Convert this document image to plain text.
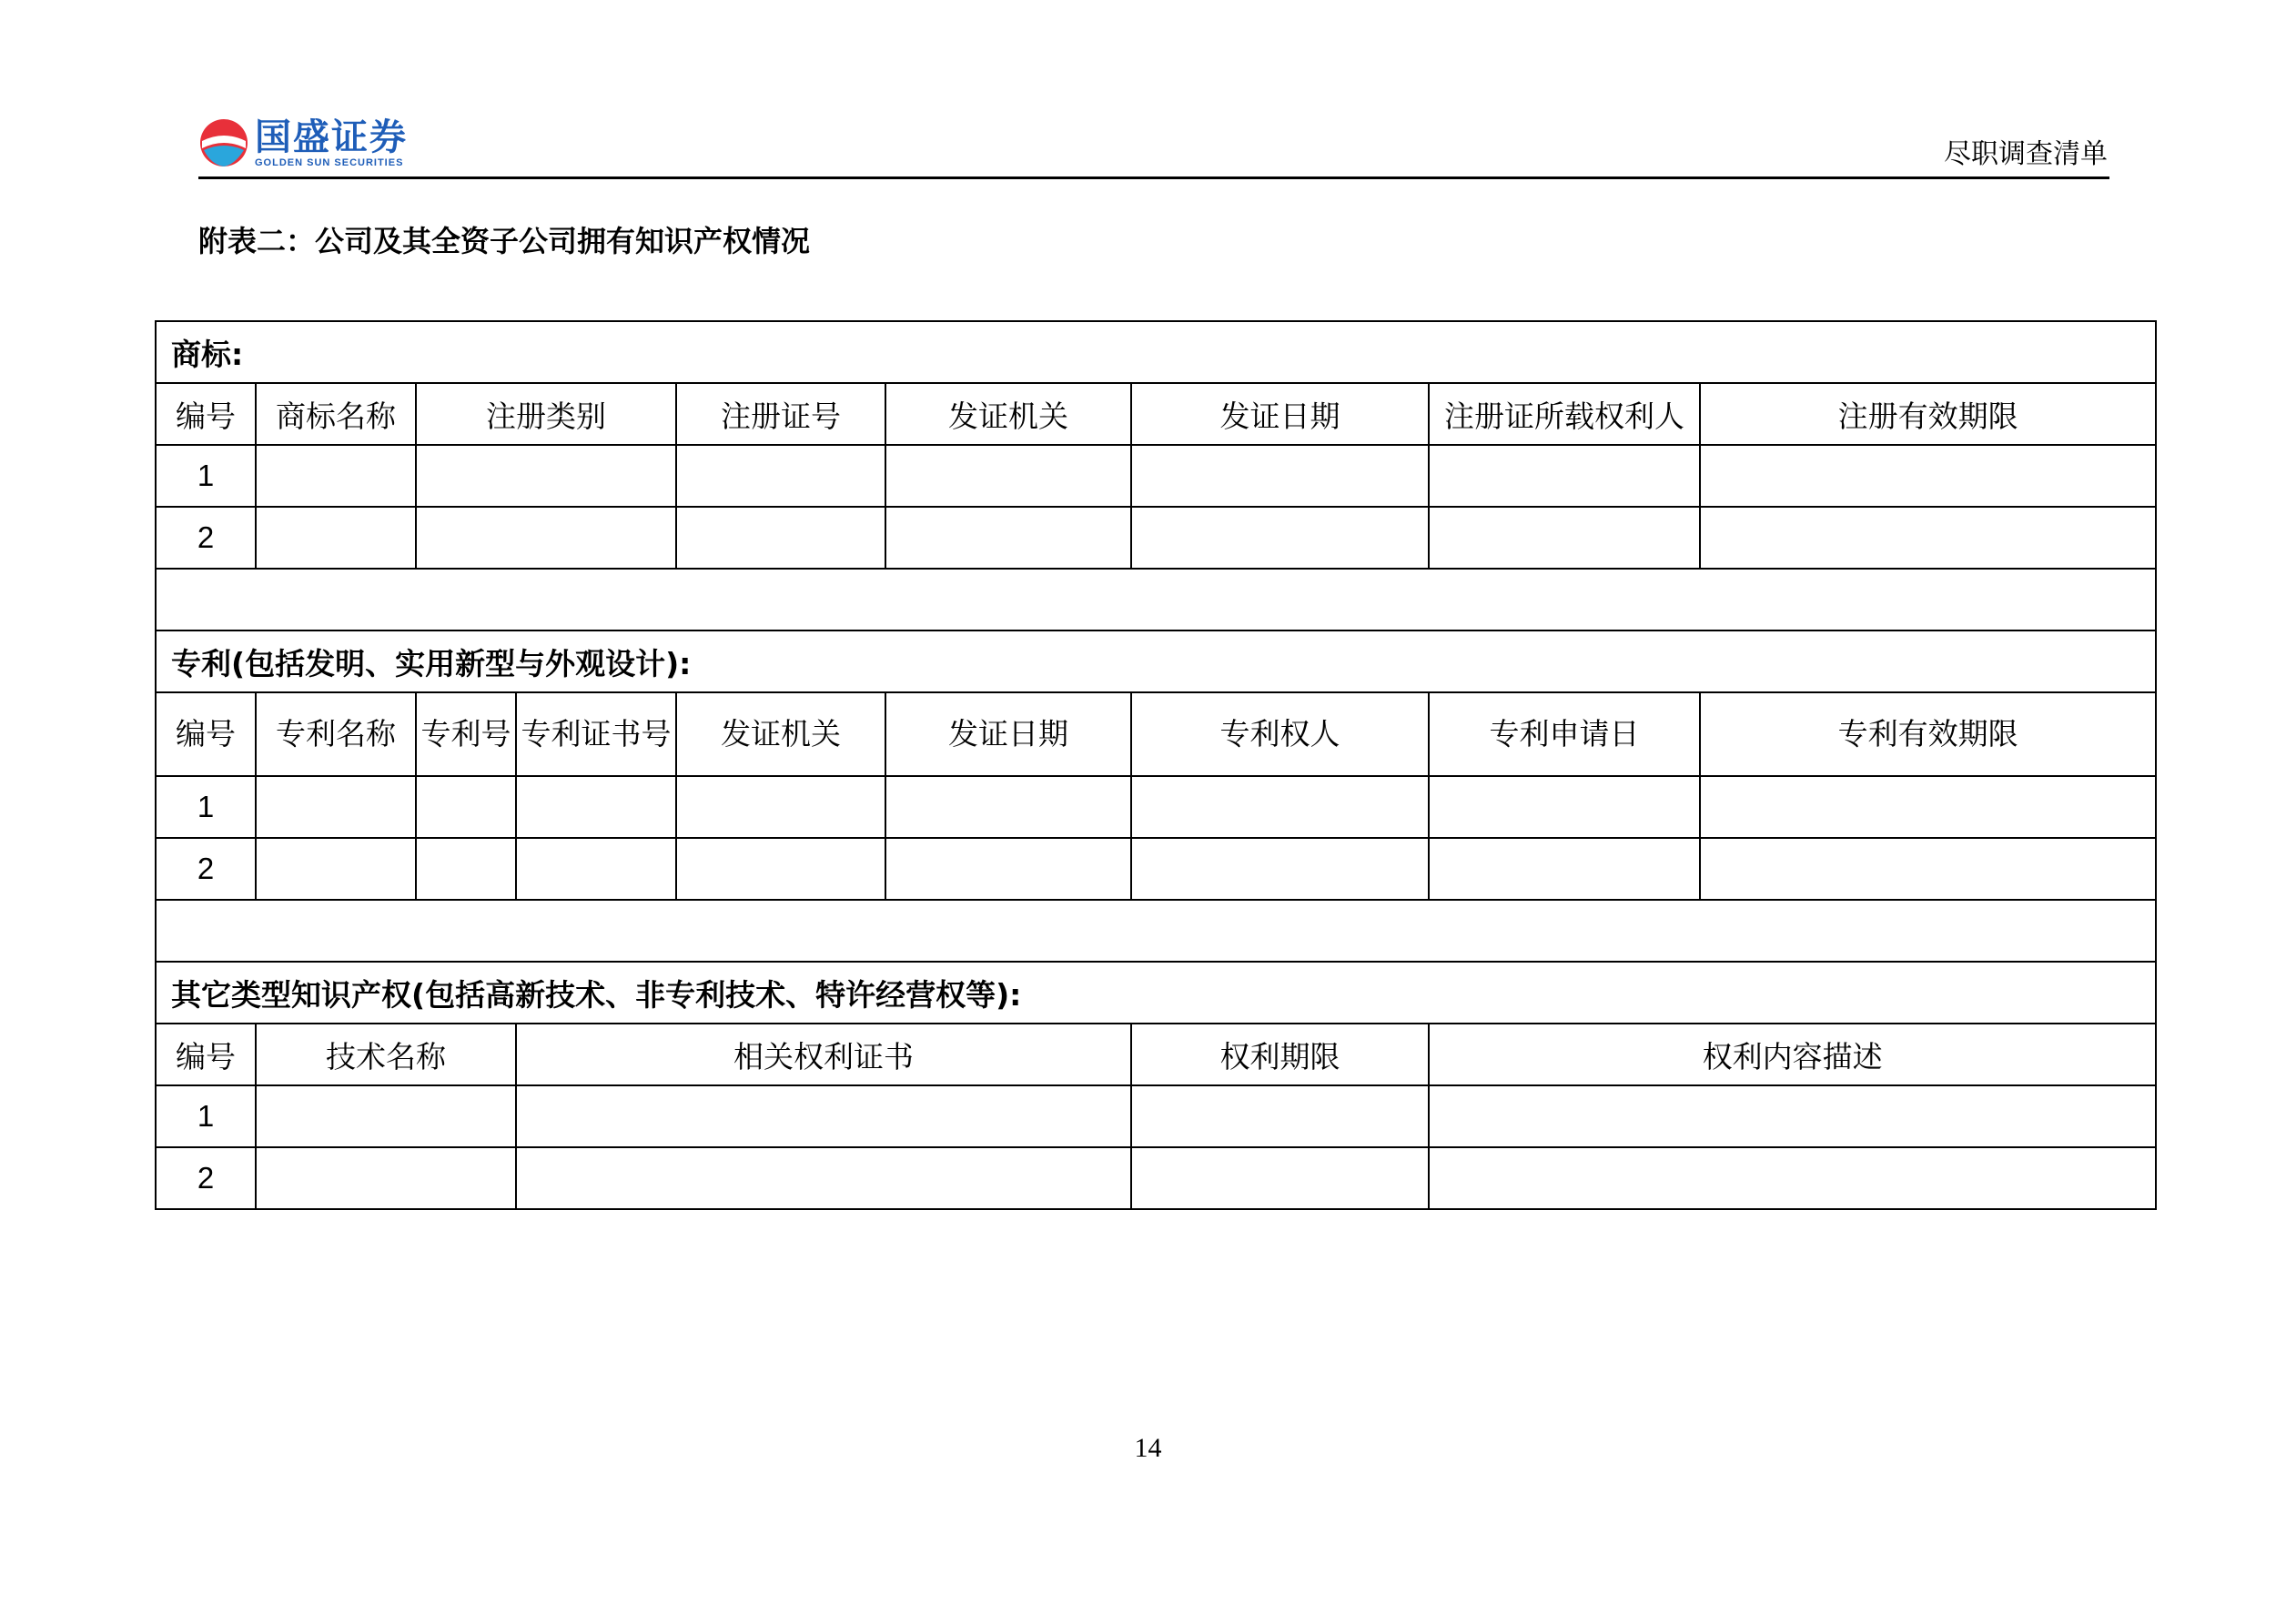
国盛证券
GOLDEN SUN SECURITIES	尽职调查清单
附表二：公司及其全资子公司拥有知识产权情况
商标:								
编号	商标名称	注册类别		注册证号	发证机关	发证日期	注册证所载权利人	注册有效期限
1								
2								

专利(包括发明、实用新型与外观设计):								
编号	专利名称	专利号	专利证书号	发证机关	发证日期	专利权人	专利申请日	专利有效期限
1								
2								

其它类型知识产权(包括高新技术、非专利技术、特许经营权等):								
编号	技术名称		相关权利证书			权利期限	权利内容描述	
1								
2								
14
